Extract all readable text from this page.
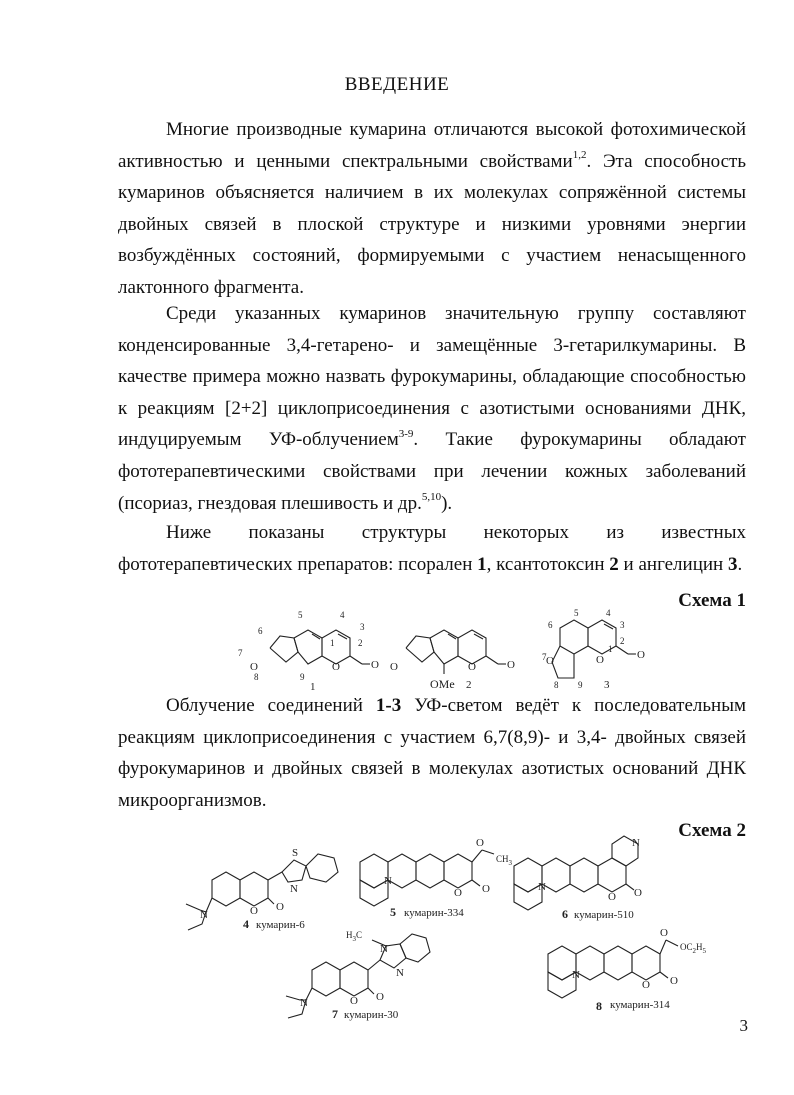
ВВЕДЕНИЕ

Многие производные кумарина отличаются высокой фотохимической активностью и ценными спектральными свойствами$^{1,2}$. Эта способность кумаринов объясняется наличием в их молекулах сопряжённой системы двойных связей в плоской структуре и низкими уровнями энергии возбуждённых состояний, формируемыми с участием ненасыщенного лактонного фрагмента.

Среди указанных кумаринов значительную группу составляют конденсированные 3,4-гетарено- и замещённые 3-гетарилкумарины. В качестве примера можно назвать фурокумарины, обладающие способностью к реакциям [2+2] циклоприсоединения с азотистыми основаниями ДНК, индуцируемым УФ-облучением$^{3-9}$. Такие фурокумарины обладают фототерапевтическими свойствами при лечении кожных заболеваний (псориаз, гнездовая плешивость и др.$^{5,10}$).

Ниже показаны структуры некоторых из известных фототерапевтических препаратов: псорален 1, ксантотоксин 2 и ангелицин 3.

Схема 1
7
6
5	4
3
2
8	9
1
O	O	O
1
O	O	O
OMe 2
5	4
3
2
6
7
8 9
1
O	O	O
3

Облучение соединений 1-3 УФ-светом ведёт к последовательным реакциям циклоприсоединения с участием 6,7(8,9)- и 3,4- двойных связей фурокумаринов и двойных связей в молекулах азотистых оснований ДНК микроорганизмов.

Схема 2
N
S
N
O O
4 кумарин-6
N
O
$CH_3$
O O
5 кумарин-334
N
N
O O
6 кумарин-510
$H_3C$
N
N
N	O O
7 кумарин-30
N
O
$OC_2H_5$
O O
8 кумарин-314
3
